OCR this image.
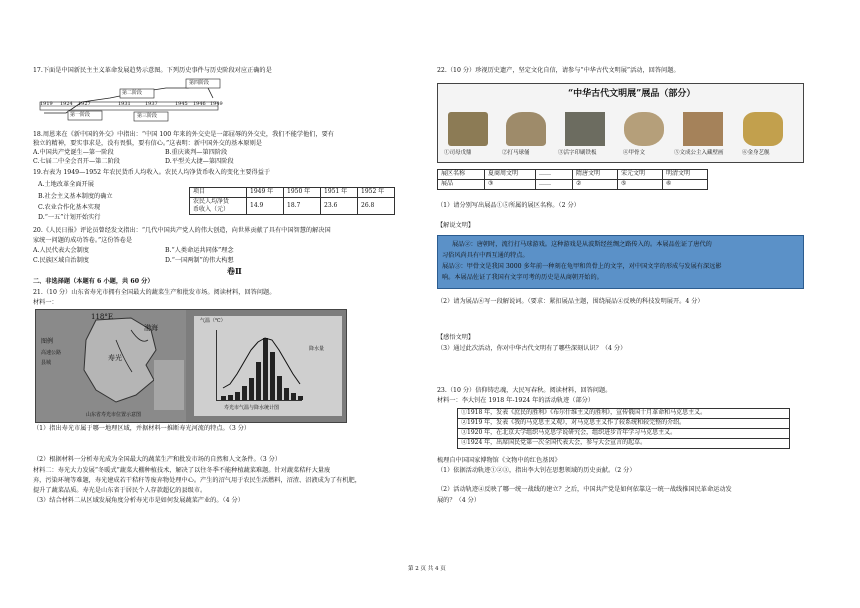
17.下面是中国新民主主义革命发展趋势示意图。下列历史事件与历史阶段对应正确的是
1919 1924 1927	1931	1937	1945 1946 1949
第一阶段
第二阶段
第三阶段
第四阶段
18.周恩来在《新中国的外交》中指出：“中国 100 年来的外交史是一部屈辱的外交史，我们不能学他们，要有
独立的精神，要实事求是，没有畏惧，要有信心。”这表明：新中国外交的基本原则是
A.中国共产党诞生—第一阶段	B.重庆谈判—第四阶段
C.七届二中全会召开—第二阶段	D.平型关大捷—第四阶段
19.右表为 1949—1952 年农民货币人均收入。农民人均净货币收入的变化主要得益于
A.土地改革全面开展
B.社会主义基本制度的确立
C.农业合作化基本实现
D.“一五”计划开始实行
项目	1949 年	1950 年	1951 年	1952 年
农民人均净货
币收入（元）	14.9	18.7	23.6	26.8
20.《人民日报》评论员曾经发文指出：“几代中国共产党人的伟大创造，向世界贡献了具有中国智慧的解决国
家统一问题的成功答卷。”这份答卷是
A.人民代表大会制度	B.“人类命运共同体”理念
C.民族区域自治制度	D.“一国两制”的伟大构想
卷Ⅱ
二、非选择题（本题有 6 小题，共 60 分）
21.（10 分）山东省寿光市拥有全国最大的蔬菜生产和批发市场。阅读材料，回答问题。
材料一：
118°E
图例
高速公路
县城
渤海
寿光
山东省寿光市位置示意图
气温（℃）
降水量
寿光市气温与降水统计图
（1）指出寿光市属于哪一地理区域，并据材料一推断寿光河流的特点。（3 分）
（2）根据材料一分析寿光成为全国最大的蔬菜生产和批发市场的自然和人文条件。（3 分）
材料二：寿光大力发展“冬暖式”蔬菜大棚种植技术，解决了以往冬季不能种植蔬菜难题。针对蔬菜秸秆大量废
弃，污染环境等难题，寿光建成若干秸秆等废弃物处理中心。产生的沼气用于农民生活燃料，沼渣、沼液成为了有机肥，
提升了蔬菜品质。寿光是山东省于居民个人存款超亿的县级市。
（3）结合材料二从区域发展角度分析寿光市是如何发展蔬菜产业的。（4 分）
22.（10 分）珍视历史遗产，坚定文化自信，请参与“中华古代文明展”活动，回答问题。
“中华古代文明展”展品（部分）
①司母戊鼎	②打马球俑	③活字印刷铁板	④甲骨文	⑤文成公主入藏壁画	⑥金身艺舰
展区名称	夏商周文明	……	隋唐文明	宋元文明	明清文明
展品	③	……	②	⑤	⑥
（1）请分别写出展品①⑤所属的展区名称。（2 分）
【解说文明】
展品②：唐朝时，流行打马球游戏。这种游戏是从波斯经丝绸之路传入的。本展品佐证了唐代的
习俗风尚具有中西互通的特点。
展品③：甲骨文是我国 3000 多年前一种刻在龟甲和兽骨上的文字，对中国文字的形成与发展有深远影
响。本展品佐证了我国有文字可考的历史是从商朝开始的。
（2）请为展品⑥写一段解说词。（要求：紧扣展品主题，围绕展品④反映的科技发明展开。4 分）
【感悟文明】
（3）通过此次活动，你对中华古代文明有了哪些深刻认识？（4 分）
23.（10 分）信仰铸忠魂，大民写春秋。阅读材料，回答问题。
材料一：李大钊在 1918 年-1924 年的活动轨迹（部分）
①1918 年，发表《庶民的胜利》《布尔什维主义的胜利》，宣传俄国十月革命和马克思主义。
②1919 年，发表《我的马克思主义观》，对马克思主义作了较系统和较完整的介绍。
③1920 年，在北京大学组织马克思学说研究会，组织进步青年学习马克思主义。
④1924 年，出席国民党第一次全国代表大会，参与大会宣言的起草。
梳理自中国国家博物馆《文物中的红色基因》
（1）依据活动轨迹①②③，指出李大钊在思想领域的历史贡献。（2 分）
（2）活动轨迹④反映了哪一统一战线的建立？之后，中国共产党是如何依靠这一统一战线推国民革命运动发
展的？（4 分）
第 2 页 共 4 页
